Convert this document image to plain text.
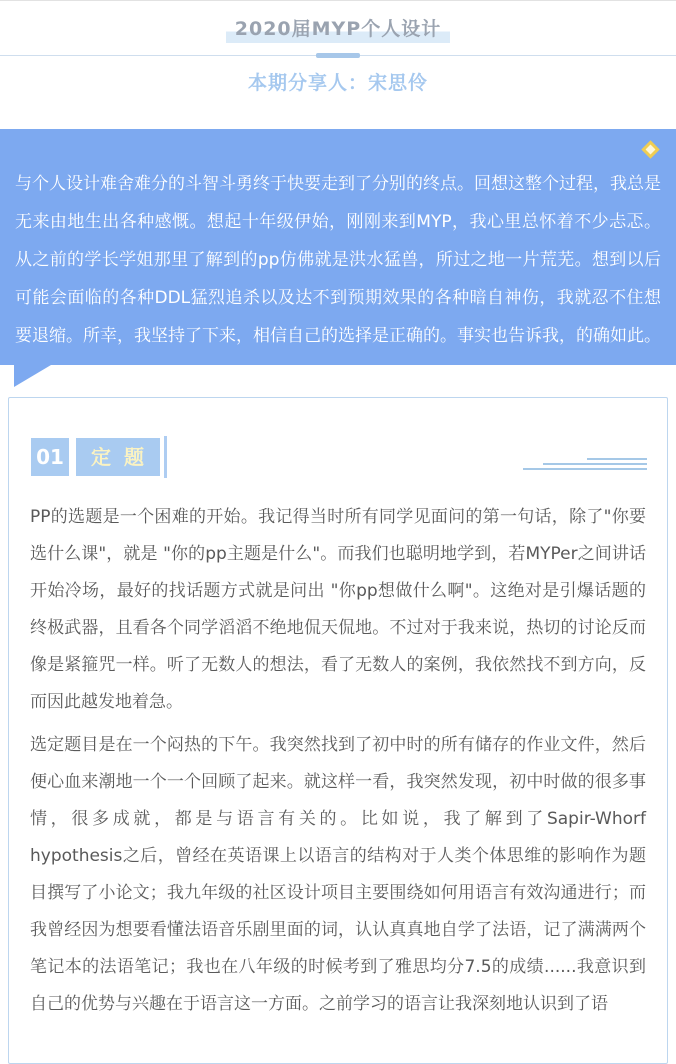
2020届MYP个人设计
本期分享人：宋思伶

与个人设计难舍难分的斗智斗勇终于快要走到了分别的终点。回想这整个过程，我总是无来由地生出各种感慨。想起十年级伊始，刚刚来到MYP，我心里总怀着不少忐忑。从之前的学长学姐那里了解到的pp仿佛就是洪水猛兽，所过之地一片荒芜。想到以后可能会面临的各种DDL猛烈追杀以及达不到预期效果的各种暗自神伤，我就忍不住想要退缩。所幸，我坚持了下来，相信自己的选择是正确的。事实也告诉我，的确如此。

01	定题

PP的选题是一个困难的开始。我记得当时所有同学见面问的第一句话，除了"你要选什么课"，就是 "你的pp主题是什么"。而我们也聪明地学到，若MYPer之间讲话开始冷场，最好的找话题方式就是问出 "你pp想做什么啊"。这绝对是引爆话题的终极武器，且看各个同学滔滔不绝地侃天侃地。不过对于我来说，热切的讨论反而像是紧箍咒一样。听了无数人的想法，看了无数人的案例，我依然找不到方向，反而因此越发地着急。

选定题目是在一个闷热的下午。我突然找到了初中时的所有储存的作业文件，然后便心血来潮地一个一个回顾了起来。就这样一看，我突然发现，初中时做的很多事情，很多成就，都是与语言有关的。比如说，我了解到了Sapir-Whorf hypothesis之后，曾经在英语课上以语言的结构对于人类个体思维的影响作为题目撰写了小论文；我九年级的社区设计项目主要围绕如何用语言有效沟通进行；而我曾经因为想要看懂法语音乐剧里面的词，认认真真地自学了法语，记了满满两个笔记本的法语笔记；我也在八年级的时候考到了雅思均分7.5的成绩......我意识到自己的优势与兴趣在于语言这一方面。之前学习的语言让我深刻地认识到了语
